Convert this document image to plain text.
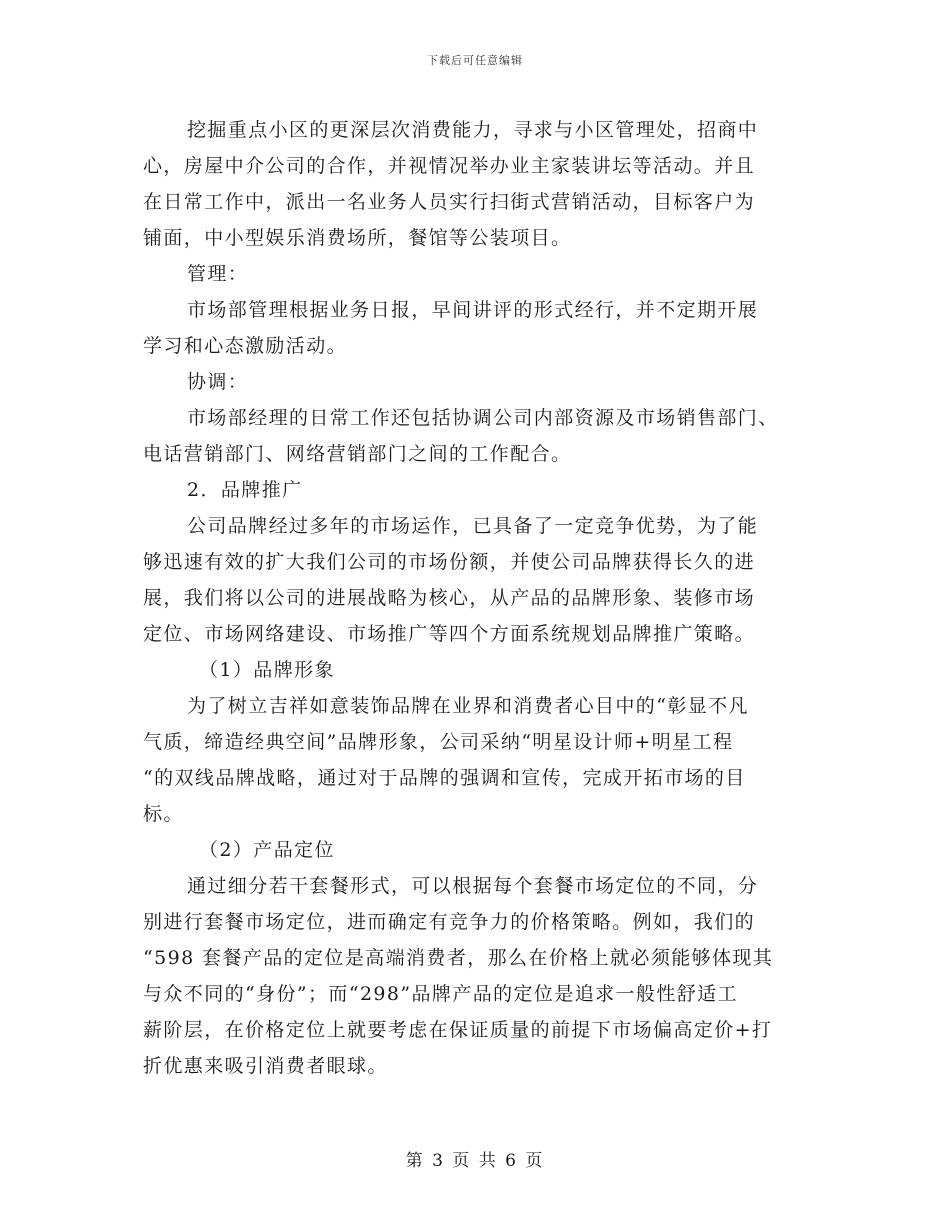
下载后可任意编辑
挖掘重点小区的更深层次消费能力，寻求与小区管理处，招商中
心，房屋中介公司的合作，并视情况举办业主家装讲坛等活动。并且
在日常工作中，派出一名业务人员实行扫街式营销活动，目标客户为
铺面，中小型娱乐消费场所，餐馆等公装项目。
管理：
市场部管理根据业务日报，早间讲评的形式经行，并不定期开展
学习和心态激励活动。
协调：
市场部经理的日常工作还包括协调公司内部资源及市场销售部门、
电话营销部门、网络营销部门之间的工作配合。
2．品牌推广
公司品牌经过多年的市场运作，已具备了一定竞争优势，为了能
够迅速有效的扩大我们公司的市场份额，并使公司品牌获得长久的进
展，我们将以公司的进展战略为核心，从产品的品牌形象、装修市场
定位、市场网络建设、市场推广等四个方面系统规划品牌推广策略。
（1）品牌形象
为了树立吉祥如意装饰品牌在业界和消费者心目中的“彰显不凡
气质，缔造经典空间”品牌形象，公司采纳“明星设计师+明星工程
“的双线品牌战略，通过对于品牌的强调和宣传，完成开拓市场的目
标。
（2）产品定位
通过细分若干套餐形式，可以根据每个套餐市场定位的不同，分
别进行套餐市场定位，进而确定有竞争力的价格策略。例如，我们的
“598 套餐产品的定位是高端消费者，那么在价格上就必须能够体现其
与众不同的“身份”；而“298”品牌产品的定位是追求一般性舒适工
薪阶层，在价格定位上就要考虑在保证质量的前提下市场偏高定价+打
折优惠来吸引消费者眼球。
第 3 页 共 6 页
